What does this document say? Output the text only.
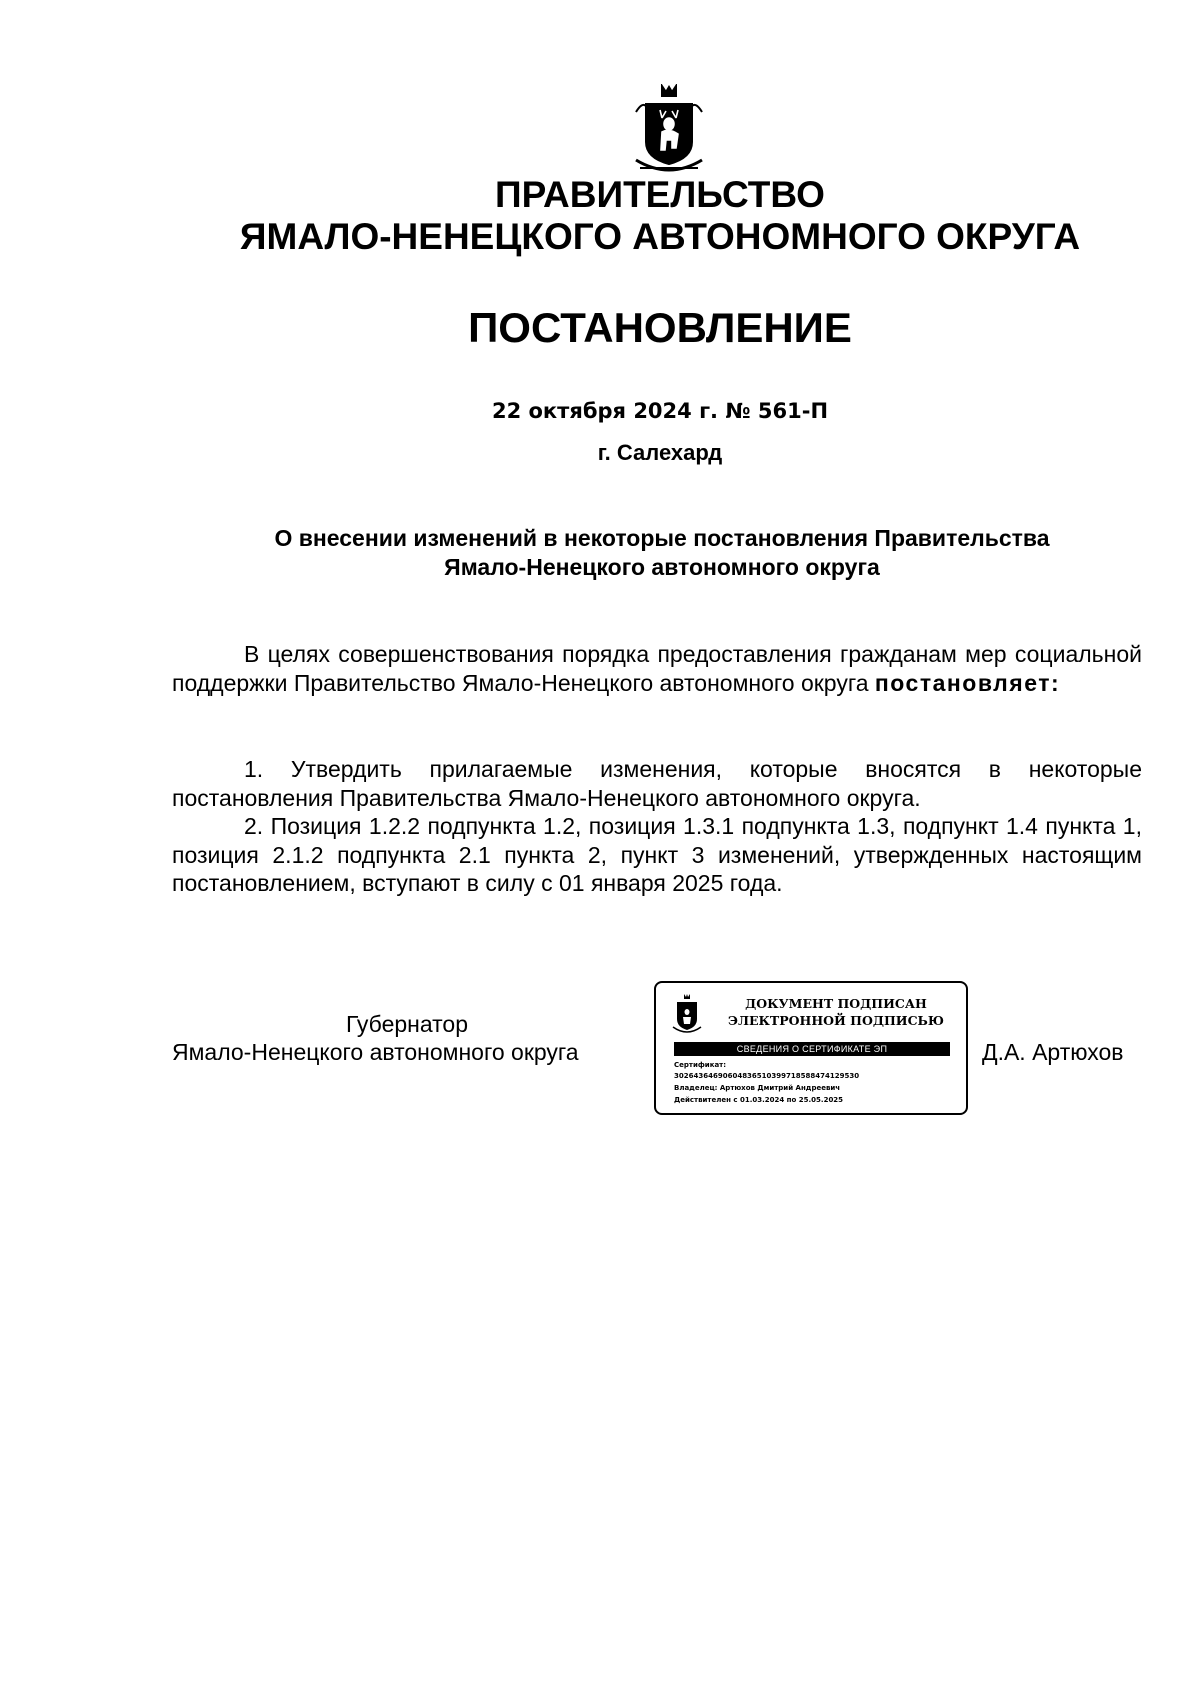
ПРАВИТЕЛЬСТВО
ЯМАЛО-НЕНЕЦКОГО АВТОНОМНОГО ОКРУГА
ПОСТАНОВЛЕНИЕ
22 октября 2024 г. № 561-П
г. Салехард
О внесении изменений в некоторые постановления Правительства
Ямало-Ненецкого автономного округа

В целях совершенствования порядка предоставления гражданам мер социальной поддержки Правительство Ямало-Ненецкого автономного округа постановляет:

1. Утвердить прилагаемые изменения, которые вносятся в некоторые постановления Правительства Ямало-Ненецкого автономного округа.

2. Позиция 1.2.2 подпункта 1.2, позиция 1.3.1 подпункта 1.3, подпункт 1.4 пункта 1, позиция 2.1.2 подпункта 2.1 пункта 2, пункт 3 изменений, утвержденных настоящим постановлением, вступают в силу с 01 января 2025 года.

Губернатор
Ямало-Ненецкого автономного округа
ДОКУМЕНТ ПОДПИСАН
ЭЛЕКТРОННОЙ ПОДПИСЬЮ
СВЕДЕНИЯ О СЕРТИФИКАТЕ ЭП
Сертификат:
302643646906048365103997185884741295​30
Владелец: Артюхов Дмитрий Андреевич
Действителен с 01.03.2024 по 25.05.2025
Д.А. Артюхов
